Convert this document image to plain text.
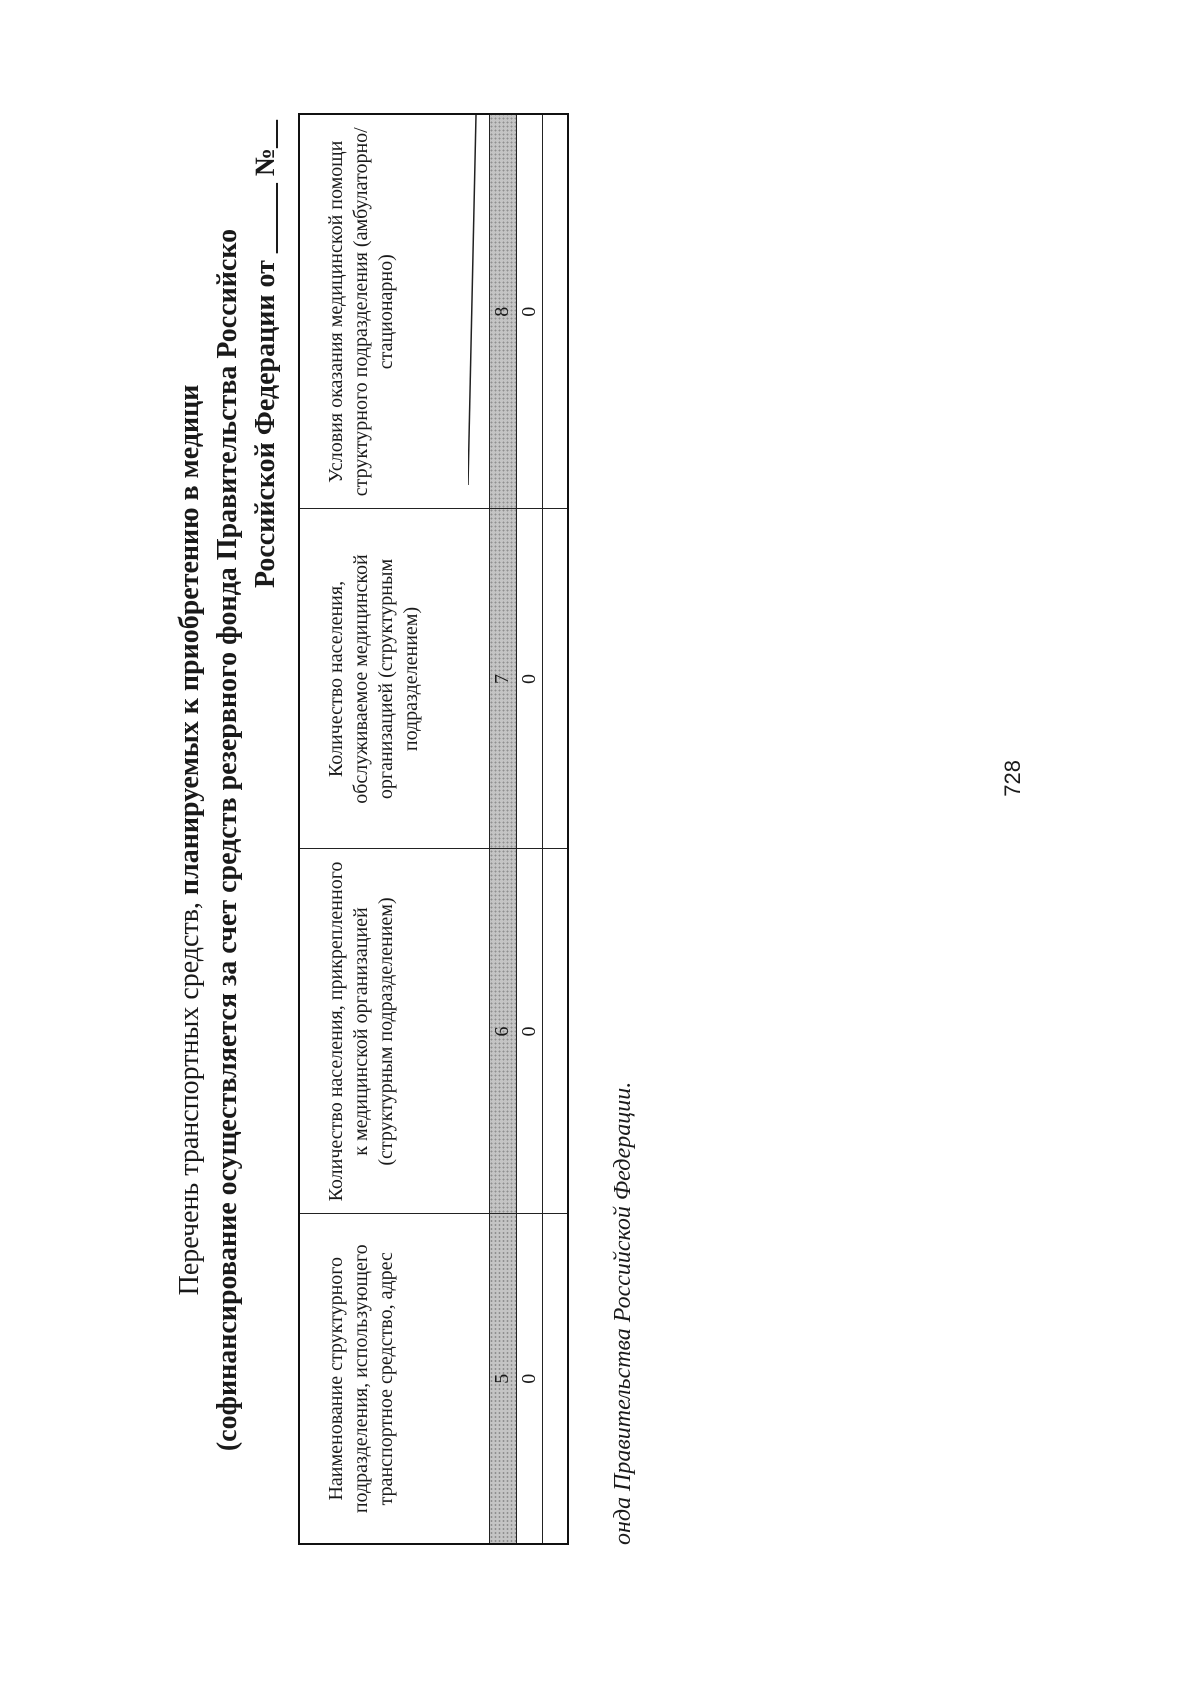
Перечень транспортных средств, планируемых к приобретению в медици (софинансирование осуществляется за счет средств резервного фонда Правительства Российско Российской Федерации от _____ №__
Наименование структурного подразделения, использующего транспортное средство, адрес	Количество населения, прикрепленного к медицинской организацией (структурным подразделением)	Количество населения, обслуживаемое медицинской организацией (структурным подразделением)	Условия оказания медицинской помощи структурного подразделения (амбулаторно/стационарно)
5	6	7	8
0	0	0	0

онда Правительства Российской Федерации.
728
